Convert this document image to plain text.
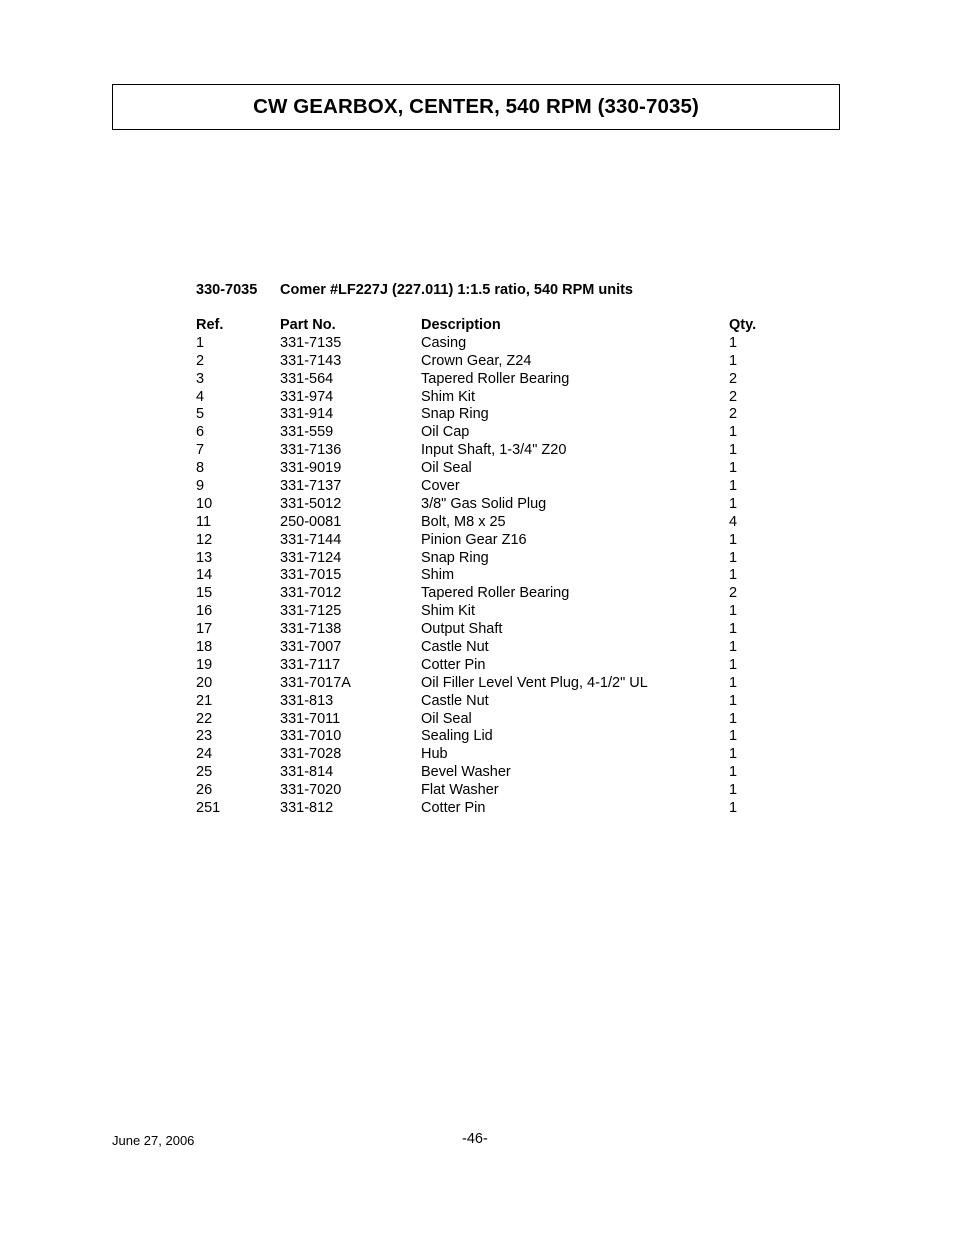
CW GEARBOX, CENTER, 540 RPM (330-7035)
330-7035 Comer #LF227J (227.011) 1:1.5 ratio, 540 RPM units
Ref.	Part No.	Description	Qty.
1	331-7135	Casing	1
2	331-7143	Crown Gear, Z24	1
3	331-564	Tapered Roller Bearing	2
4	331-974	Shim Kit	2
5	331-914	Snap Ring	2
6	331-559	Oil Cap	1
7	331-7136	Input Shaft, 1-3/4" Z20	1
8	331-9019	Oil Seal	1
9	331-7137	Cover	1
10	331-5012	3/8" Gas Solid Plug	1
11	250-0081	Bolt, M8 x 25	4
12	331-7144	Pinion Gear Z16	1
13	331-7124	Snap Ring	1
14	331-7015	Shim	1
15	331-7012	Tapered Roller Bearing	2
16	331-7125	Shim Kit	1
17	331-7138	Output Shaft	1
18	331-7007	Castle Nut	1
19	331-7117	Cotter Pin	1
20	331-7017A	Oil Filler Level Vent Plug, 4-1/2" UL	1
21	331-813	Castle Nut	1
22	331-7011	Oil Seal	1
23	331-7010	Sealing Lid	1
24	331-7028	Hub	1
25	331-814	Bevel Washer	1
26	331-7020	Flat Washer	1
251	331-812	Cotter Pin	1
June 27, 2006	-46-
